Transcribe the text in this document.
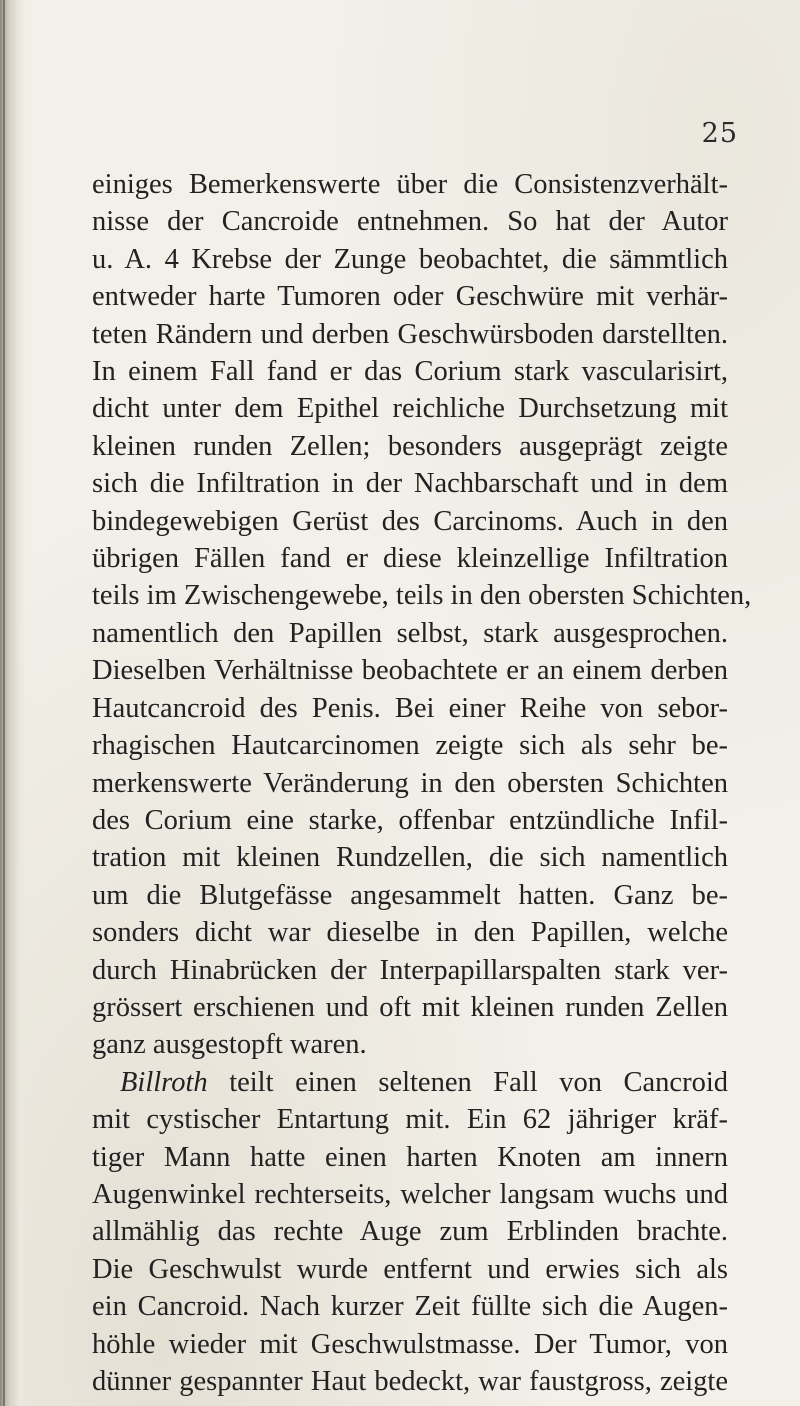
25

einiges Bemerkenswerte über die Consistenzverhält-
nisse der Cancroide entnehmen. So hat der Autor
u. A. 4 Krebse der Zunge beobachtet, die sämmtlich
entweder harte Tumoren oder Geschwüre mit verhär-
teten Rändern und derben Geschwürsboden darstellten.
In einem Fall fand er das Corium stark vascularisirt,
dicht unter dem Epithel reichliche Durchsetzung mit
kleinen runden Zellen; besonders ausgeprägt zeigte
sich die Infiltration in der Nachbarschaft und in dem
bindegewebigen Gerüst des Carcinoms. Auch in den
übrigen Fällen fand er diese kleinzellige Infiltration
teils im Zwischengewebe, teils in den obersten Schichten,
namentlich den Papillen selbst, stark ausgesprochen.
Dieselben Verhältnisse beobachtete er an einem derben
Hautcancroid des Penis. Bei einer Reihe von sebor-
rhagischen Hautcarcinomen zeigte sich als sehr be-
merkenswerte Veränderung in den obersten Schichten
des Corium eine starke, offenbar entzündliche Infil-
tration mit kleinen Rundzellen, die sich namentlich
um die Blutgefässe angesammelt hatten. Ganz be-
sonders dicht war dieselbe in den Papillen, welche
durch Hinabrücken der Interpapillarspalten stark ver-
grössert erschienen und oft mit kleinen runden Zellen
ganz ausgestopft waren.
Billroth teilt einen seltenen Fall von Cancroid
mit cystischer Entartung mit. Ein 62 jähriger kräf-
tiger Mann hatte einen harten Knoten am innern
Augenwinkel rechterseits, welcher langsam wuchs und
allmählig das rechte Auge zum Erblinden brachte.
Die Geschwulst wurde entfernt und erwies sich als
ein Cancroid. Nach kurzer Zeit füllte sich die Augen-
höhle wieder mit Geschwulstmasse. Der Tumor, von
dünner gespannter Haut bedeckt, war faustgross, zeigte
